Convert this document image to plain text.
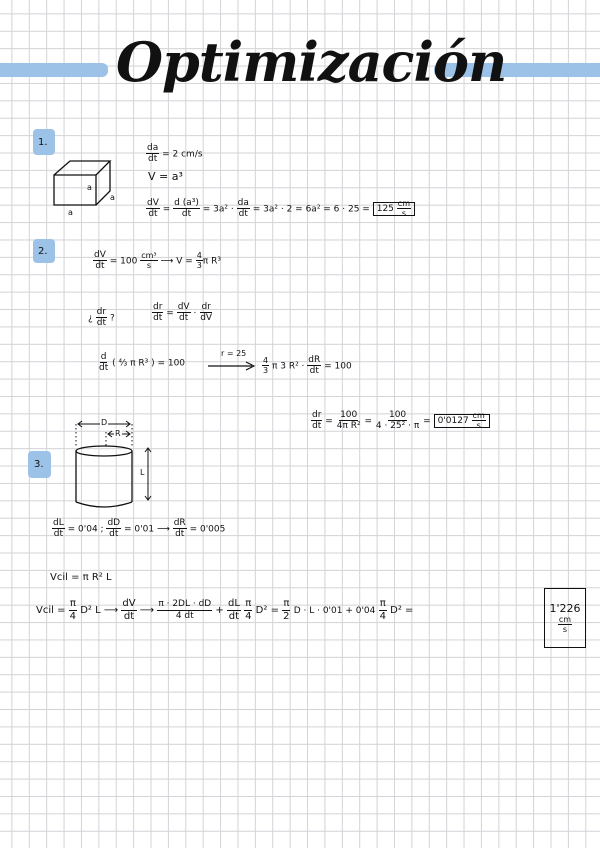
Optimización
1.
a
a
a
$\frac{da}{dt} = 2$ cm/s
V = a³
$\frac{dV}{dt} = \frac{\text{d (a³)}}{dt} = 3a^2 \cdot \frac{da}{dt} = 3a^2 \cdot 2 = 6a^2 = 6 \cdot 25 = 125 \frac{cm}{s}$
2.	$\frac{dV}{dt} = 100 \frac{\text{cm³}}{s}$ ⟶ $V = \frac{4}{3}$ π R³
¿ $\frac{dr}{dt}$ ?	$\frac{dr}{dt} = \frac{dV}{dt} \cdot \frac{dr}{dV}$
$\frac{d}{dt}$ ( ⁴⁄₃ π R³ ) = 100
r = 25
$\frac{4}{3}$ π 3 $R^2 \cdot \frac{dR}{dt} = 100$
$\frac{dr}{dt} = \frac{100}{\text{4π R²}} = \frac{100}{\text{4 · 25² · π}} = 0'0127 \frac{cm}{s}$
3.
D
R
L
$\frac{dL}{dt} = 0'04$ ; $\frac{dD}{dt} = 0'01$ ⟶ $\frac{dR}{dt} = 0'005$
Vcil = π R² L
Vcil = $\frac{\pi}{4} D^2$ L ⟶ $\frac{dV}{dt}$ ⟶ $\frac{\pi \cdot 2DL \cdot dD}{4 dt} + \frac{dL}{dt}$
$\frac{\pi}{4} D^2 = \frac{\pi}{2}$ $D \cdot L \cdot 0'01 + 0'04 \frac{\pi}{4} D^2$ =	1'226
$\frac{cm}{s}$
